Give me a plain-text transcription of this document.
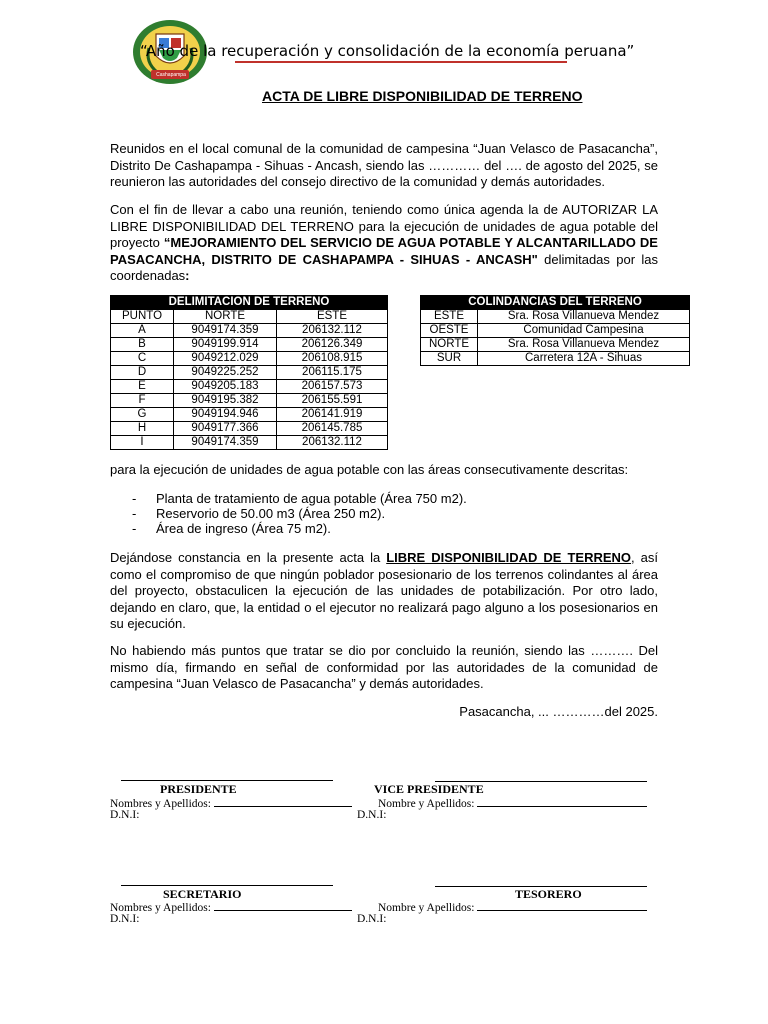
Cashapampa
“Año de la recuperación y consolidación de la economía peruana”
ACTA DE LIBRE DISPONIBILIDAD DE TERRENO
Reunidos en el local comunal de la comunidad de campesina “Juan Velasco de Pasacancha”, Distrito De Cashapampa - Sihuas - Ancash, siendo las ………… del …. de agosto del 2025, se reunieron las autoridades del consejo directivo de la comunidad y demás autoridades.
Con el fin de llevar a cabo una reunión, teniendo como única agenda la de AUTORIZAR LA LIBRE DISPONIBILIDAD DEL TERRENO para la ejecución de unidades de agua potable del proyecto “MEJORAMIENTO DEL SERVICIO DE AGUA POTABLE Y ALCANTARILLADO DE PASACANCHA, DISTRITO DE CASHAPAMPA - SIHUAS - ANCASH" delimitadas por las coordenadas:
DELIMITACION DE TERRENO		
PUNTO	NORTE	ESTE
A	9049174.359	206132.112
B	9049199.914	206126.349
C	9049212.029	206108.915
D	9049225.252	206115.175
E	9049205.183	206157.573
F	9049195.382	206155.591
G	9049194.946	206141.919
H	9049177.366	206145.785
I	9049174.359	206132.112
COLINDANCIAS DEL TERRENO	
ESTE	Sra. Rosa Villanueva Mendez
OESTE	Comunidad Campesina
NORTE	Sra. Rosa Villanueva Mendez
SUR	Carretera 12A - Sihuas
para la ejecución de unidades de agua potable con las áreas consecutivamente descritas:
- Planta de tratamiento de agua potable (Área 750 m2).
- Reservorio de 50.00 m3 (Área 250 m2).
- Área de ingreso (Área 75 m2).
Dejándose constancia en la presente acta la LIBRE DISPONIBILIDAD DE TERRENO, así como el compromiso de que ningún poblador posesionario de los terrenos colindantes al área del proyecto, obstaculicen la ejecución de las unidades de potabilización. Por otro lado, dejando en claro, que, la entidad o el ejecutor no realizará pago alguno a los posesionarios en su ejecución.
No habiendo más puntos que tratar se dio por concluido la reunión, siendo las ………. Del mismo día, firmando en señal de conformidad por las autoridades de la comunidad de campesina “Juan Velasco de Pasacancha” y demás autoridades.
Pasacancha, ... …………del 2025.
PRESIDENTE	VICE PRESIDENTE
Nombres y Apellidos:	Nombre y Apellidos:
D.N.I:	D.N.I:
SECRETARIO	TESORERO
Nombres y Apellidos:	Nombre y Apellidos:
D.N.I:	D.N.I:
